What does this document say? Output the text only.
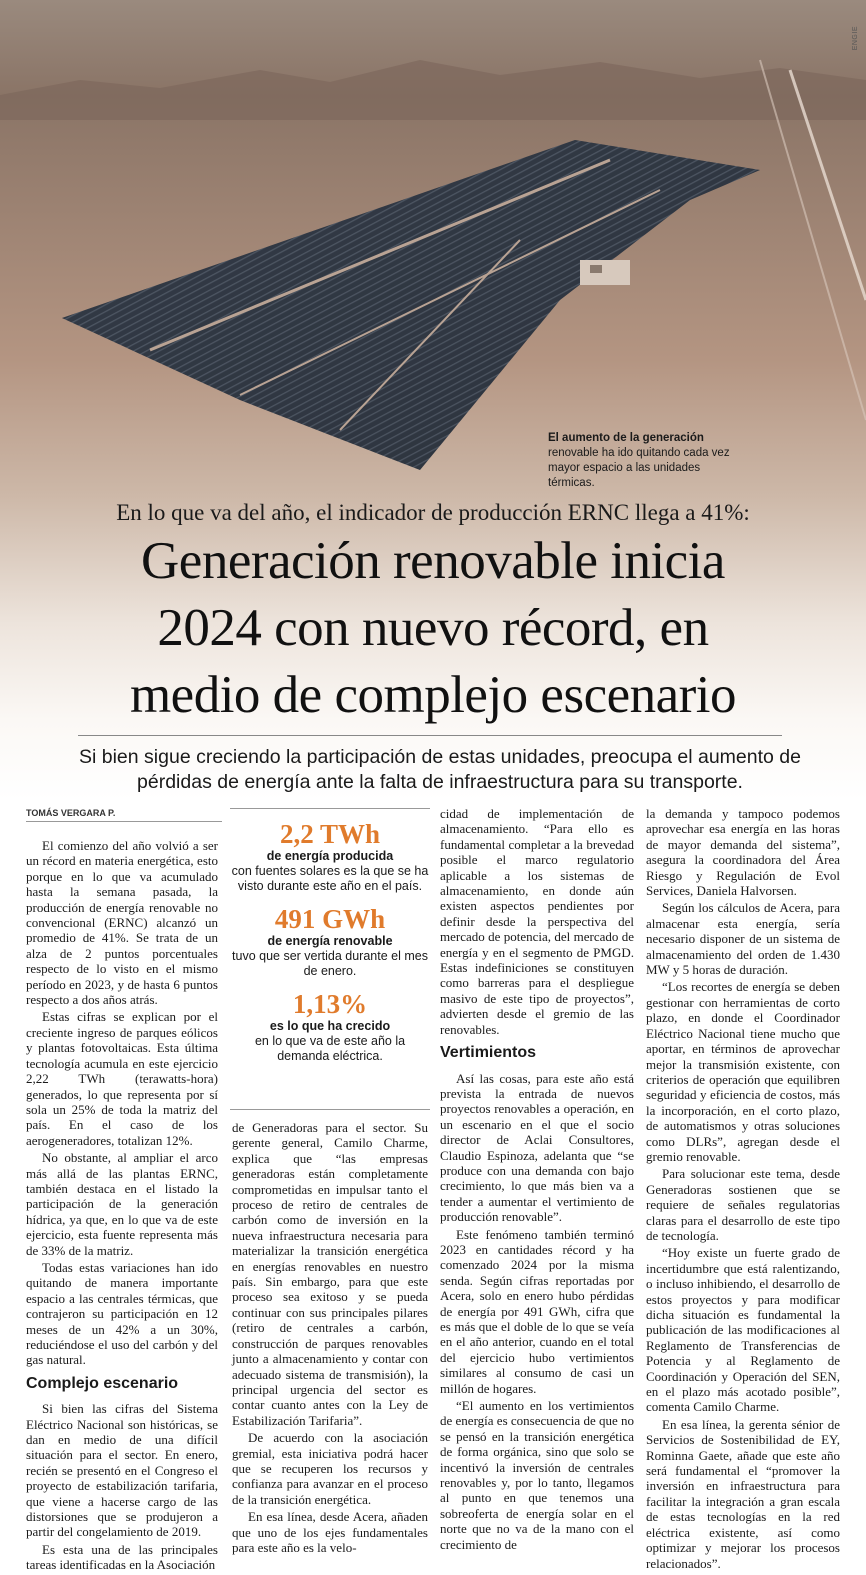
ENGIE
El aumento de la generación renovable ha ido quitando cada vez mayor espacio a las unidades térmicas.
En lo que va del año, el indicador de producción ERNC llega a 41%:
Generación renovable inicia
2024 con nuevo récord, en
medio de complejo escenario
Si bien sigue creciendo la participación de estas unidades, preocupa el aumento de pérdidas de energía ante la falta de infraestructura para su transporte.
TOMÁS VERGARA P.

El comienzo del año volvió a ser un récord en materia energética, esto porque en lo que va acumulado hasta la semana pasada, la producción de energía renovable no convencional (ERNC) alcanzó un promedio de 41%. Se trata de un alza de 2 puntos porcentuales respecto de lo visto en el mismo período en 2023, y de hasta 6 puntos respecto a dos años atrás.

Estas cifras se explican por el creciente ingreso de parques eólicos y plantas fotovoltaicas. Esta última tecnología acumula en este ejercicio 2,22 TWh (terawatts-hora) generados, lo que representa por sí sola un 25% de toda la matriz del país. En el caso de los aerogeneradores, totalizan 12%.

No obstante, al ampliar el arco más allá de las plantas ERNC, también destaca en el listado la participación de la generación hídrica, ya que, en lo que va de este ejercicio, esta fuente representa más de 33% de la matriz.

Todas estas variaciones han ido quitando de manera importante espacio a las centrales térmicas, que contrajeron su participación en 12 meses de un 42% a un 30%, reduciéndose el uso del carbón y del gas natural.

Complejo escenario

Si bien las cifras del Sistema Eléctrico Nacional son históricas, se dan en medio de una difícil situación para el sector. En enero, recién se presentó en el Congreso el proyecto de estabilización tarifaria, que viene a hacerse cargo de las distorsiones que se produjeron a partir del congelamiento de 2019.

Es esta una de las principales tareas identificadas en la Asociación

2,2 TWh
de energía producida
con fuentes solares es la que se ha visto durante este año en el país.
491 GWh
de energía renovable
tuvo que ser vertida durante el mes de enero.
1,13%
es lo que ha crecido
en lo que va de este año la demanda eléctrica.

de Generadoras para el sector. Su gerente general, Camilo Charme, explica que “las empresas generadoras están completamente comprometidas en impulsar tanto el proceso de retiro de centrales de carbón como de inversión en la nueva infraestructura necesaria para materializar la transición energética en energías renovables en nuestro país. Sin embargo, para que este proceso sea exitoso y se pueda continuar con sus principales pilares (retiro de centrales a carbón, construcción de parques renovables junto a almacenamiento y contar con adecuado sistema de transmisión), la principal urgencia del sector es contar cuanto antes con la Ley de Estabilización Tarifaria”.

De acuerdo con la asociación gremial, esta iniciativa podrá hacer que se recuperen los recursos y confianza para avanzar en el proceso de la transición energética.

En esa línea, desde Acera, añaden que uno de los ejes fundamentales para este año es la velo-

cidad de implementación de almacenamiento. “Para ello es fundamental completar a la brevedad posible el marco regulatorio aplicable a los sistemas de almacenamiento, en donde aún existen aspectos pendientes por definir desde la perspectiva del mercado de potencia, del mercado de energía y en el segmento de PMGD. Estas indefiniciones se constituyen como barreras para el despliegue masivo de este tipo de proyectos”, advierten desde el gremio de las renovables.

Vertimientos

Así las cosas, para este año está prevista la entrada de nuevos proyectos renovables a operación, en un escenario en el que el socio director de Aclai Consultores, Claudio Espinoza, adelanta que “se produce con una demanda con bajo crecimiento, lo que más bien va a tender a aumentar el vertimiento de producción renovable”.

Este fenómeno también terminó 2023 en cantidades récord y ha comenzado 2024 por la misma senda. Según cifras reportadas por Acera, solo en enero hubo pérdidas de energía por 491 GWh, cifra que es más que el doble de lo que se veía en el año anterior, cuando en el total del ejercicio hubo vertimientos similares al consumo de casi un millón de hogares.

“El aumento en los vertimientos de energía es consecuencia de que no se pensó en la transición energética de forma orgánica, sino que solo se incentivó la inversión de centrales renovables y, por lo tanto, llegamos al punto en que tenemos una sobreoferta de energía solar en el norte que no va de la mano con el crecimiento de

la demanda y tampoco podemos aprovechar esa energía en las horas de mayor demanda del sistema”, asegura la coordinadora del Área Riesgo y Regulación de Evol Services, Daniela Halvorsen.

Según los cálculos de Acera, para almacenar esta energía, sería necesario disponer de un sistema de almacenamiento del orden de 1.430 MW y 5 horas de duración.

“Los recortes de energía se deben gestionar con herramientas de corto plazo, en donde el Coordinador Eléctrico Nacional tiene mucho que aportar, en términos de aprovechar mejor la transmisión existente, con criterios de operación que equilibren seguridad y eficiencia de costos, más la incorporación, en el corto plazo, de automatismos y otras soluciones como DLRs”, agregan desde el gremio renovable.

Para solucionar este tema, desde Generadoras sostienen que se requiere de señales regulatorias claras para el desarrollo de este tipo de tecnología.

“Hoy existe un fuerte grado de incertidumbre que está ralentizando, o incluso inhibiendo, el desarrollo de estos proyectos y para modificar dicha situación es fundamental la publicación de las modificaciones al Reglamento de Transferencias de Potencia y al Reglamento de Coordinación y Operación del SEN, en el plazo más acotado posible”, comenta Camilo Charme.

En esa línea, la gerenta sénior de Servicios de Sostenibilidad de EY, Rominna Gaete, añade que este año será fundamental el “promover la inversión en infraestructura para facilitar la integración a gran escala de estas tecnologías en la red eléctrica existente, así como optimizar y mejorar los procesos relacionados”.
